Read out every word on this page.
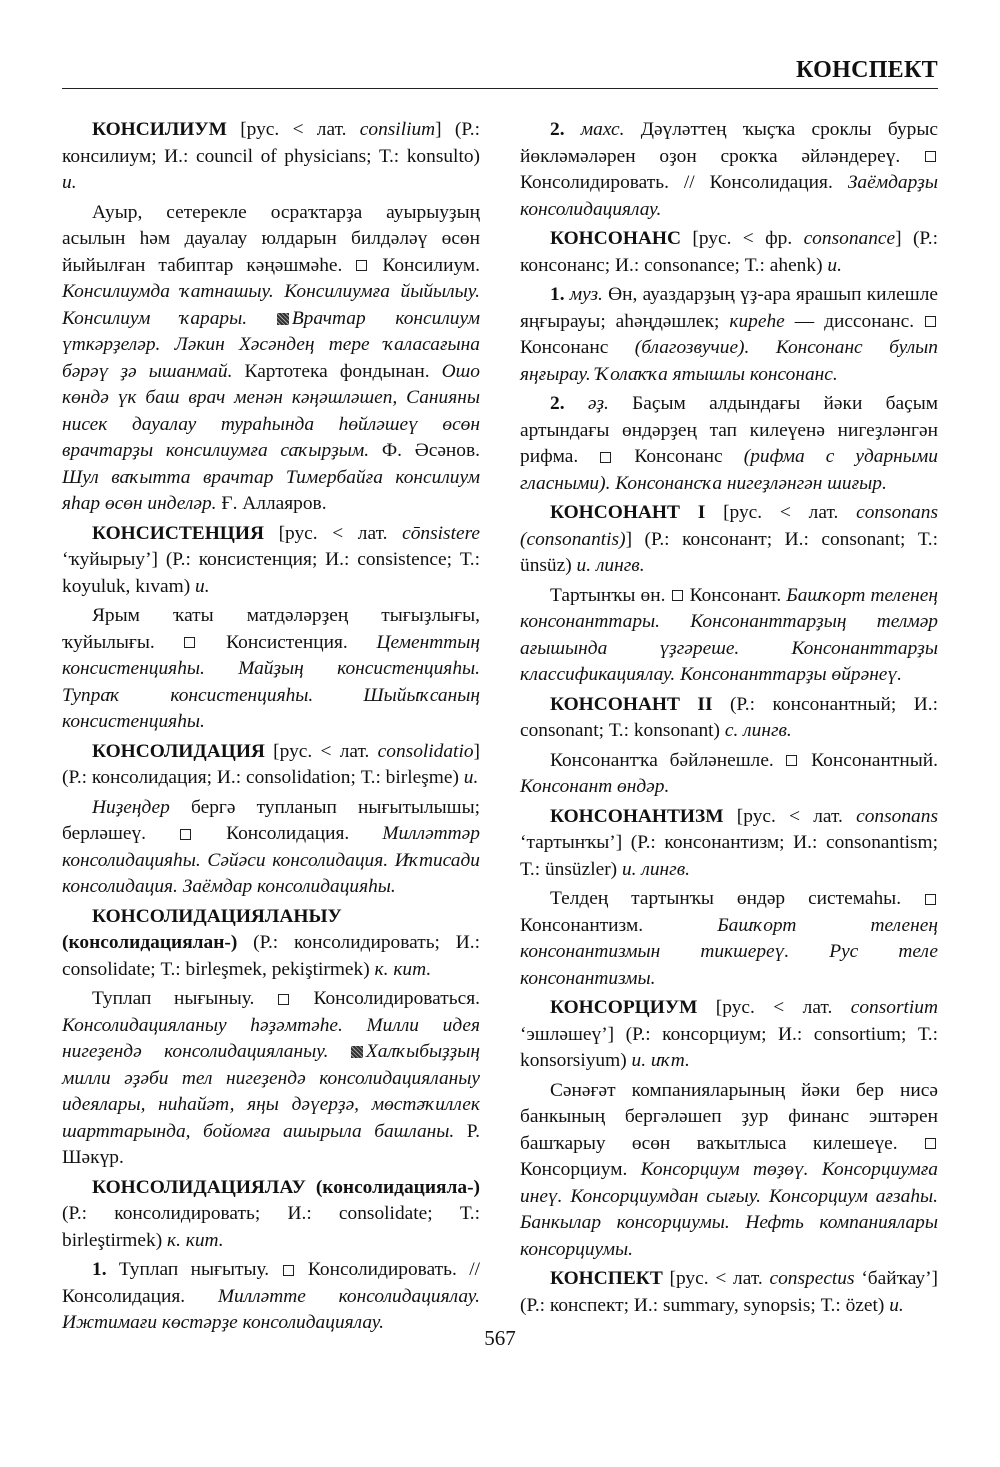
КОНСПЕКТ

КОНСИЛИУМ [рус. < лат. consilium] (Р.: консилиум; И.: council of physicians; Т.: konsulto) и.

Ауыр, сетерекле осраҡтарҙа ауырыуҙың асылын һәм дауалау юлдарын билдәләү өсөн йыйылған табиптар кәңәшмәһе.  Консилиум. Консилиумда ҡатнашыу. Консилиумға йыйылыу. Консилиум ҡарары. Врачтар консилиум үткәрҙеләр. Ләкин Хәсәндең тере ҡаласағына бәрәү ҙә ышанмай. Картотека фондынан. Ошо көндә үк баш врач менән кәңәшләшеп, Санияны нисек дауалау тураһында һөйләшеү өсөн врачтарҙы консилиумға саҡырҙым. Ф. Әсәнов. Шул ваҡытта врачтар Тимербайға консилиум яһар өсөн инделәр. Ғ. Аллаяров.

КОНСИСТЕНЦИЯ [рус. < лат. cōnsistere ‘ҡуйырыу’] (Р.: консистенция; И.: consistence; Т.: koyuluk, kıvam) и.

Ярым ҡаты матдәләрҙең тығыҙлығы, ҡуйылығы.  Консистенция. Цементтың консистенцияһы. Майҙың консистенцияһы. Тупраҡ консистенцияһы. Шыйыҡсаның консистенцияһы.

КОНСОЛИДАЦИЯ [рус. < лат. consolidatio] (Р.: консолидация; И.: consolidation; Т.: birleşme) и.

Ниҙеңдер бергә тупланып нығытылышы; берләшеү.  Консолидация. Милләттәр консолидацияһы. Сәйәси консолидация. Иҡтисади консолидация. Заёмдар консолидацияһы.

КОНСОЛИДАЦИЯЛАНЫУ (консолидациялан-) (Р.: консолидировать; И.: consolidate; Т.: birleşmek, pekiştirmek) к. кит.

Туплап нығыныу.  Консолидироваться. Консолидацияланыу һәҙәмтәһе. Милли идея нигеҙендә консолидацияланыу. Халҡыбыҙҙың милли әҙәби тел нигеҙендә консолидацияланыу идеялары, ниһайәт, яңы дәүерҙә, мөстәҡиллек шарттарында, бойомға ашырыла башланы. Р. Шәкүр.

КОНСОЛИДАЦИЯЛАУ (консолидацияла-) (Р.: консолидировать; И.: consolidate; Т.: birleştirmek) к. кит.

1. Туплап нығытыу.  Консолидировать. // Консолидация. Милләтте консолидациялау. Ижтимағи көстәрҙе консолидациялау.

2. махс. Дәүләттең ҡыҫҡа сроклы бурыс йөкләмәләрен оҙон срокҡа әйләндереү.  Консолидировать. // Консолидация. Заёмдарҙы консолидациялау.

КОНСОНАНС [рус. < фр. consonance] (Р.: консонанс; И.: consonance; Т.: ahenk) и.

1. муз. Өн, ауаздарҙың үҙ-ара ярашып килешле яңғырауы; аһәңдәшлек; киреһе — диссонанс.  Консонанс (благозвучие). Консонанс булып яңғырау. Ҡолаҡҡа ятышлы консонанс.

2. әҙ. Баҫым алдындағы йәки баҫым артындағы өндәрҙең тап килеүенә нигеҙләнгән рифма.  Консонанс (рифма с ударными гласными). Консонансҡа нигеҙләнгән шиғыр.

КОНСОНАНТ I [рус. < лат. consonans (consonantis)] (Р.: консонант; И.: consonant; Т.: ünsüz) и. лингв.

Тартынҡы өн.  Консонант. Башҡорт теленең консонанттары. Консонанттарҙың телмәр ағышында үҙгәреше. Консонанттарҙы классификациялау. Консонанттарҙы өйрәнеү.

КОНСОНАНТ II (Р.: консонантный; И.: consonant; Т.: konsonant) с. лингв.

Консонантҡа бәйләнешле.  Консонантный. Консонант өндәр.

КОНСОНАНТИЗМ [рус. < лат. consonans ‘тартынҡы’] (Р.: консонантизм; И.: consonantism; Т.: ünsüzler) и. лингв.

Телдең тартынҡы өндәр системаһы.  Консонантизм. Башҡорт теленең консонантизмын тикшереү. Рус теле консонантизмы.

КОНСОРЦИУМ [рус. < лат. consortium ‘эшләшеү’] (Р.: консорциум; И.: consortium; Т.: konsorsiyum) и. иҡт.

Сәнәғәт компанияларының йәки бер нисә банкының бергәләшеп ҙур финанс эштәрен башҡарыу өсөн ваҡытлыса килешеүе.  Консорциум. Консорциум төҙөү. Консорциумға инеү. Консорциумдан сығыу. Консорциум ағзаһы. Банкылар консорциумы. Нефть компаниялары консорциумы.

КОНСПЕКТ [рус. < лат. conspectus ‘байҡау’] (Р.: конспект; И.: summary, synopsis; Т.: özet) и.

567
